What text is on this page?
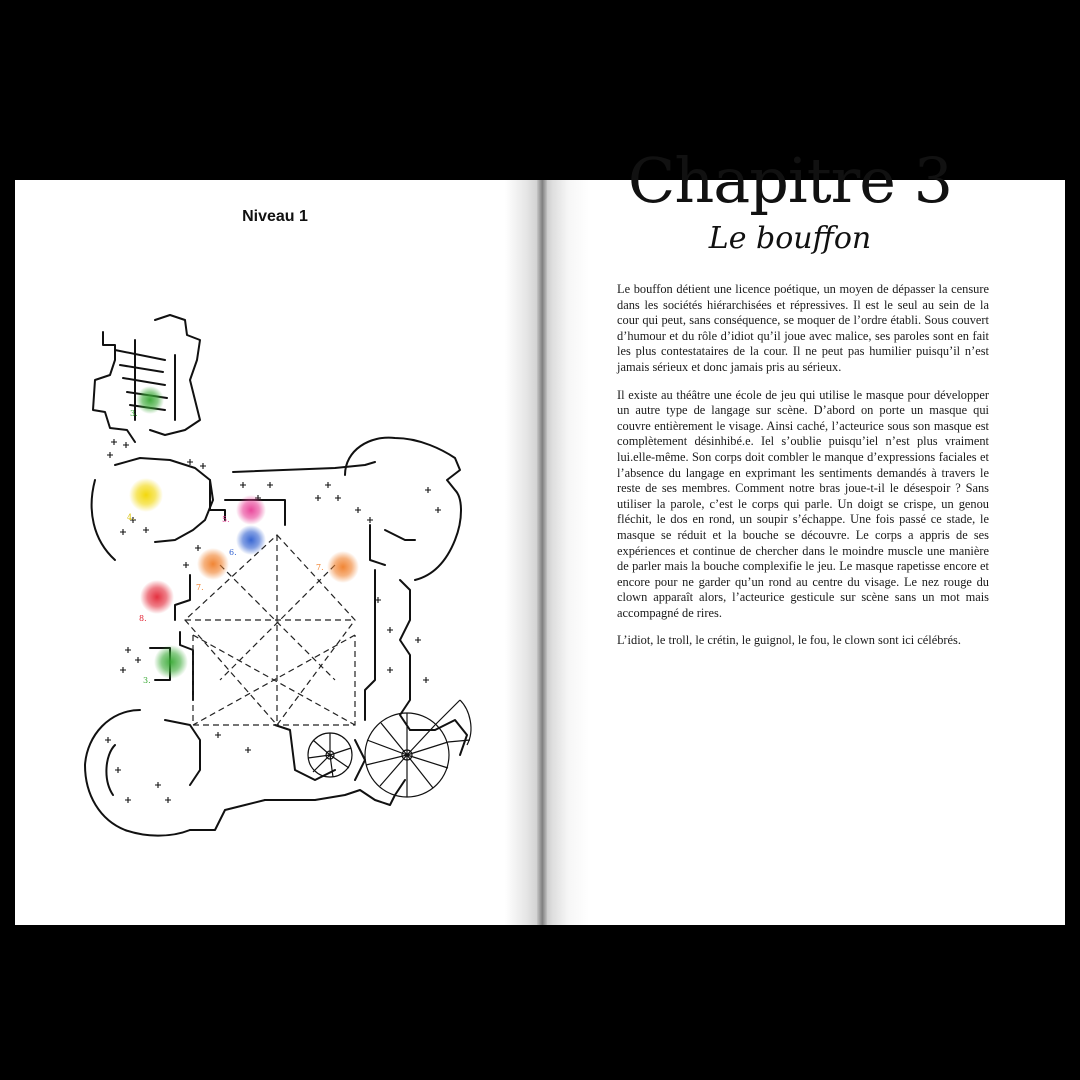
Niveau 1
3.
4.	5.
6.
7.
7.
8.
3.
Chapitre 3
Le bouffon

Le bouffon détient une licence poétique, un moyen de dépasser la censure dans les sociétés hiérarchisées et répressives. Il est le seul au sein de la cour qui peut, sans conséquence, se moquer de l’ordre établi. Sous couvert d’humour et du rôle d’idiot qu’il joue avec malice, ses paroles sont en fait les plus contestataires de la cour. Il ne peut pas humilier puisqu’il n’est jamais sérieux et donc jamais pris au sérieux.

Il existe au théâtre une école de jeu qui utilise le masque pour développer un autre type de langage sur scène. D’abord on porte un masque qui couvre entièrement le visage. Ainsi caché, l’acteurice sous son masque est complètement désinhibé.e. Iel s’oublie puisqu’iel n’est plus vraiment lui.elle-même. Son corps doit combler le manque d’expressions faciales et l’absence du langage en exprimant les sentiments demandés à travers le reste de ses membres. Comment notre bras joue-t-il le désespoir ? Sans utiliser la parole, c’est le corps qui parle. Un doigt se crispe, un genou fléchit, le dos en rond, un soupir s’échappe. Une fois passé ce stade, le masque se réduit et la bouche se découvre. Le corps a appris de ses expériences et continue de chercher dans le moindre muscle une manière de parler mais la bouche complexifie le jeu. Le masque rapetisse encore et encore pour ne garder qu’un rond au centre du visage. Le nez rouge du clown apparaît alors, l’acteurice gesticule sur scène sans un mot mais accompagné de rires.

L’idiot, le troll, le crétin, le guignol, le fou, le clown sont ici célébrés.
